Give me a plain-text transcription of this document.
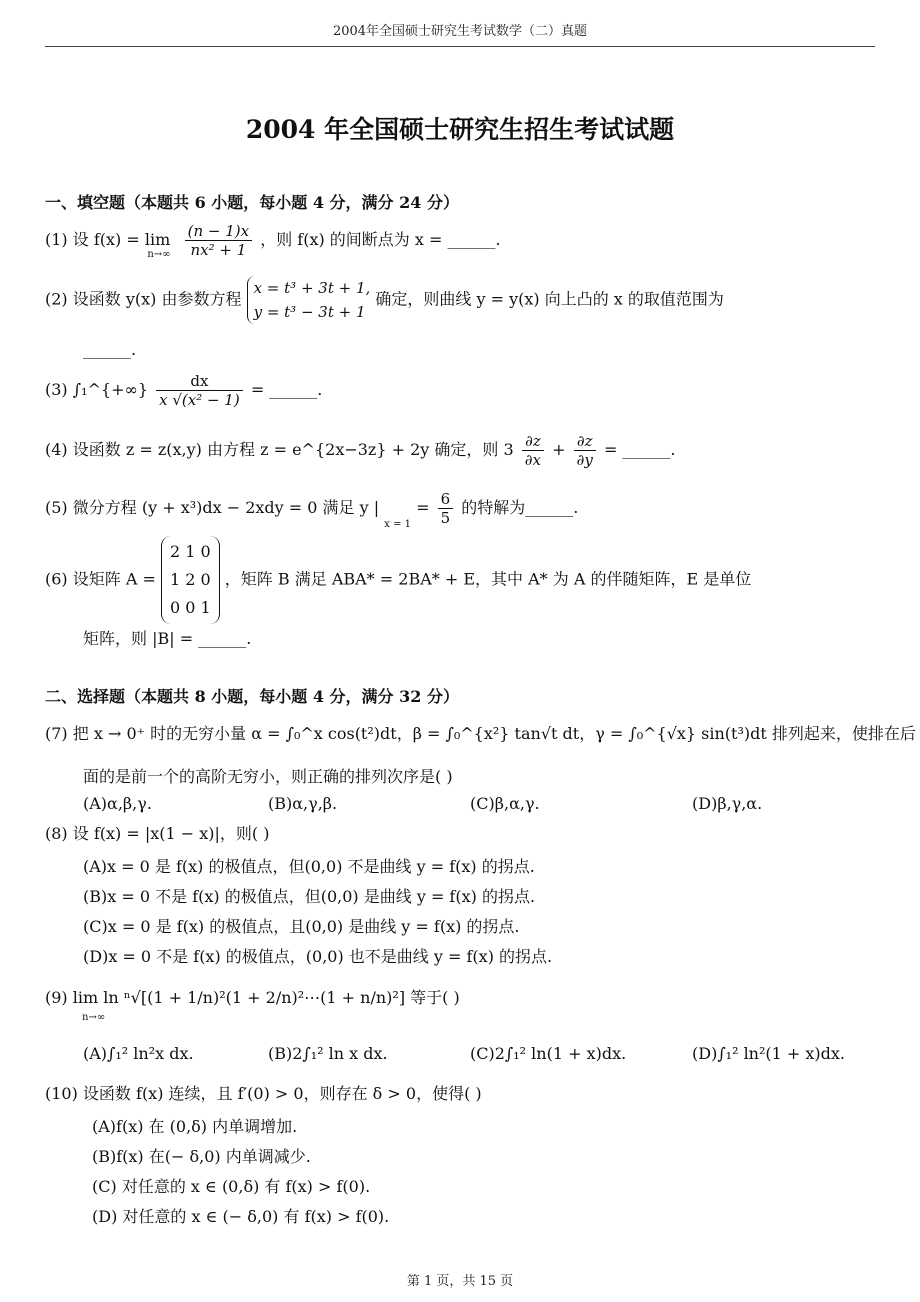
2004年全国硕士研究生考试数学（二）真题
2004 年全国硕士研究生招生考试试题
一、填空题（本题共 6 小题，每小题 4 分，满分 24 分）
(1) 设 $f(x) = \lim _{n\to\infty} \frac{(n - 1)x}{\text{nx² + 1}}$ ，则 f(x) 的间断点为 x = ______.
(2) 设函数 y(x) 由参数方程
x = t³ + 3t + 1,
y = t³ − 3t + 1
确定，则曲线 y = y(x) 向上凸的 x 的取值范围为
______.
(3) ∫₁^{+∞} $\frac{dx}{\text{x √(x² − 1)}}$ = ______.
(4) 设函数 z = z(x,y) 由方程 z = e^{2x−3z} + 2y 确定，则 $3 \frac{\partial z}{\partial x} + \frac{\partial z}{\partial y}$ = ______.
(5) 微分方程 (y + x³)dx − 2xdy = 0 满足 y | $_{x = 1} = \frac{6}{5}$ 的特解为______.
(6) 设矩阵 A =
2 1 0
1 2 0
0 0 1
，矩阵 B 满足 ABA* = 2BA* + E，其中 A* 为 A 的伴随矩阵，E 是单位
矩阵，则 |B| = ______.
二、选择题（本题共 8 小题，每小题 4 分，满分 32 分）
(7) 把 x → 0⁺ 时的无穷小量 α = ∫₀^x cos(t²)dt，β = ∫₀^{x²} tan√t dt，γ = ∫₀^{√x} sin(t³)dt 排列起来，使排在后
面的是前一个的高阶无穷小，则正确的排列次序是( )
(A)α,β,γ.	(B)α,γ,β.	(C)β,α,γ.	(D)β,γ,α.
(8) 设 f(x) = |x(1 − x)|，则( )
(A)x = 0 是 f(x) 的极值点，但(0,0) 不是曲线 y = f(x) 的拐点.
(B)x = 0 不是 f(x) 的极值点，但(0,0) 是曲线 y = f(x) 的拐点.
(C)x = 0 是 f(x) 的极值点，且(0,0) 是曲线 y = f(x) 的拐点.
(D)x = 0 不是 f(x) 的极值点，(0,0) 也不是曲线 y = f(x) 的拐点.
(9) lim ln ⁿ√[(1 + 1/n)²(1 + 2/n)²⋯(1 + n/n)²] 等于( )
n→∞
(A)∫₁² ln²x dx.	(B)2∫₁² ln x dx.	(C)2∫₁² ln(1 + x)dx.	(D)∫₁² ln²(1 + x)dx.
(10) 设函数 f(x) 连续，且 f′(0) > 0，则存在 δ > 0，使得( )
(A)f(x) 在 (0,δ) 内单调增加.
(B)f(x) 在(− δ,0) 内单调减少.
(C) 对任意的 x ∈ (0,δ) 有 f(x) > f(0).
(D) 对任意的 x ∈ (− δ,0) 有 f(x) > f(0).
第 1 页，共 15 页
